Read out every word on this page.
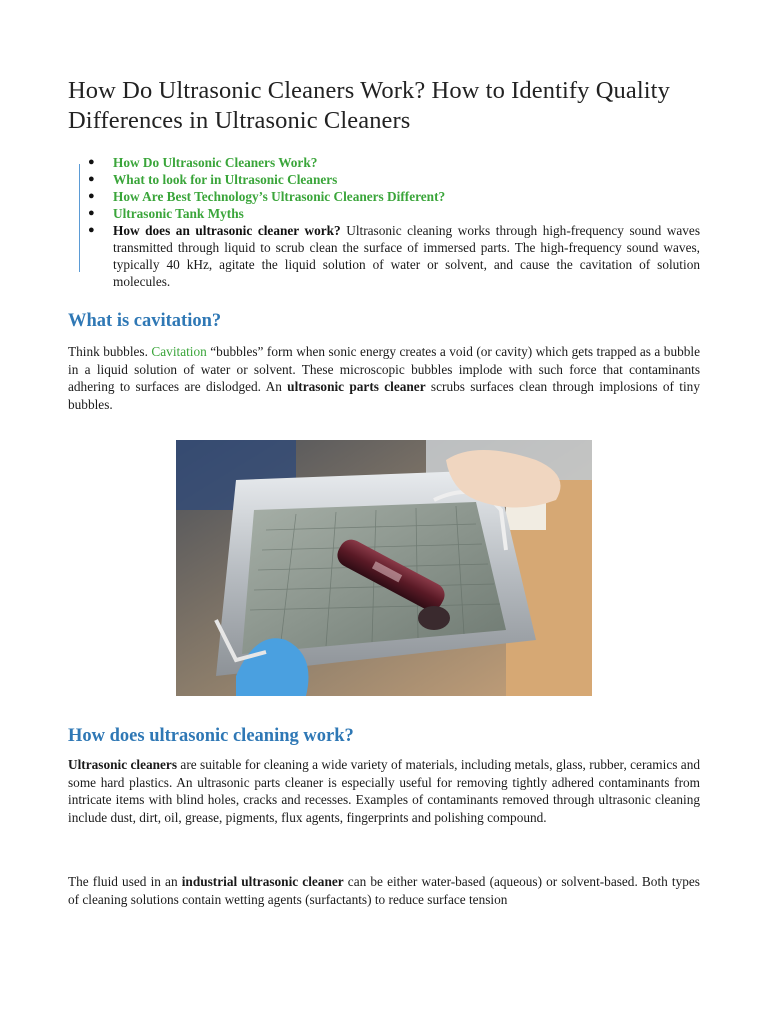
How Do Ultrasonic Cleaners Work? How to Identify Quality Differences in Ultrasonic Cleaners
● How Do Ultrasonic Cleaners Work?
● What to look for in Ultrasonic Cleaners
● How Are Best Technology’s Ultrasonic Cleaners Different?
● Ultrasonic Tank Myths
● How does an ultrasonic cleaner work? Ultrasonic cleaning works through high-frequency sound waves transmitted through liquid to scrub clean the surface of immersed parts. The high-frequency sound waves, typically 40 kHz, agitate the liquid solution of water or solvent, and cause the cavitation of solution molecules.
What is cavitation?

Think bubbles. Cavitation “bubbles” form when sonic energy creates a void (or cavity) which gets trapped as a bubble in a liquid solution of water or solvent. These microscopic bubbles implode with such force that contaminants adhering to surfaces are dislodged. An ultrasonic parts cleaner scrubs surfaces clean through implosions of tiny bubbles.

How does ultrasonic cleaning work?

Ultrasonic cleaners are suitable for cleaning a wide variety of materials, including metals, glass, rubber, ceramics and some hard plastics. An ultrasonic parts cleaner is especially useful for removing tightly adhered contaminants from intricate items with blind holes, cracks and recesses. Examples of contaminants removed through ultrasonic cleaning include dust, dirt, oil, grease, pigments, flux agents, fingerprints and polishing compound.

The fluid used in an industrial ultrasonic cleaner can be either water-based (aqueous) or solvent-based. Both types of cleaning solutions contain wetting agents (surfactants) to reduce surface tension
